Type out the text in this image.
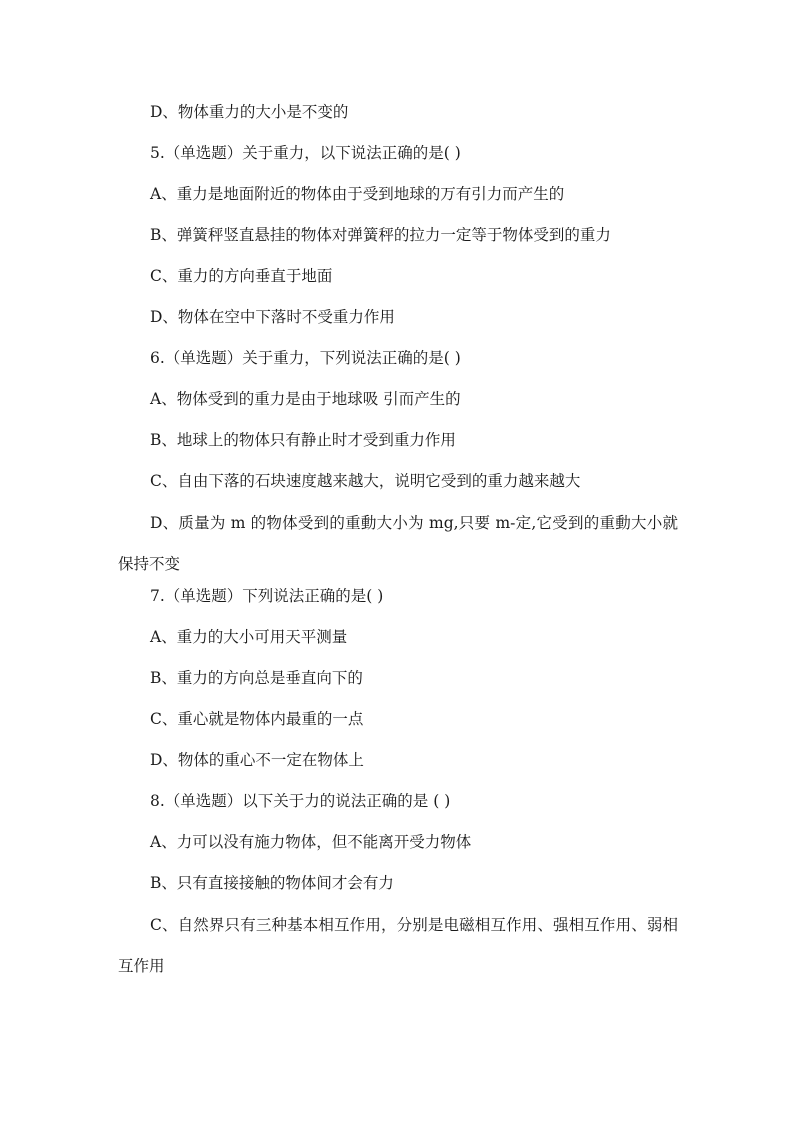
D、物体重力的大小是不变的
5.（单选题）关于重力，以下说法正确的是( )
A、重力是地面附近的物体由于受到地球的万有引力而产生的
B、弹簧秤竖直悬挂的物体对弹簧秤的拉力一定等于物体受到的重力
C、重力的方向垂直于地面
D、物体在空中下落时不受重力作用
6.（单选题）关于重力，下列说法正确的是( )
A、物体受到的重力是由于地球吸 引而产生的
B、地球上的物体只有静止时才受到重力作用
C、自由下落的石块速度越来越大，说明它受到的重力越来越大
D、质量为 m 的物体受到的重動大小为 mg,只要 m-定,它受到的重動大小就保持不变
7.（单选题）下列说法正确的是( )
A、重力的大小可用天平测量
B、重力的方向总是垂直向下的
C、重心就是物体内最重的一点
D、物体的重心不一定在物体上
8.（单选题）以下关于力的说法正确的是 ( )
A、力可以没有施力物体，但不能离开受力物体
B、只有直接接触的物体间才会有力
C、自然界只有三种基本相互作用，分别是电磁相互作用、强相互作用、弱相互作用
